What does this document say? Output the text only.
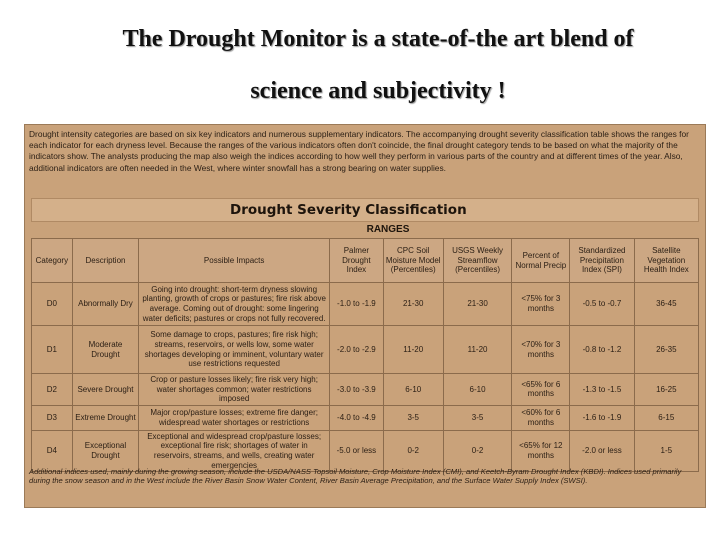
The Drought Monitor is a state-of-the art blend of
science and subjectivity !
Drought intensity categories are based on six key indicators and numerous supplementary indicators. The accompanying drought severity classification table shows the ranges for each indicator for each dryness level. Because the ranges of the various indicators often don't coincide, the final drought category tends to be based on what the majority of the indicators show. The analysts producing the map also weigh the indices according to how well they perform in various parts of the country and at different times of the year. Also, additional indicators are often needed in the West, where winter snowfall has a strong bearing on water supplies.
Drought Severity Classification
RANGES
Category	Description	Possible Impacts	Palmer Drought Index	CPC Soil Moisture Model (Percentiles)	USGS Weekly Streamflow (Percentiles)	Percent of Normal Precip	Standardized Precipitation Index (SPI)	Satellite Vegetation Health Index
D0	Abnormally Dry	Going into drought: short-term dryness slowing planting, growth of crops or pastures; fire risk above average. Coming out of drought: some lingering water deficits; pastures or crops not fully recovered.	-1.0 to -1.9	21-30	21-30	<75% for 3 months	-0.5 to -0.7	36-45
D1	Moderate Drought	Some damage to crops, pastures; fire risk high; streams, reservoirs, or wells low, some water shortages developing or imminent, voluntary water use restrictions requested	-2.0 to -2.9	11-20	11-20	<70% for 3 months	-0.8 to -1.2	26-35
D2	Severe Drought	Crop or pasture losses likely; fire risk very high; water shortages common; water restrictions imposed	-3.0 to -3.9	6-10	6-10	<65% for 6 months	-1.3 to -1.5	16-25
D3	Extreme Drought	Major crop/pasture losses; extreme fire danger; widespread water shortages or restrictions	-4.0 to -4.9	3-5	3-5	<60% for 6 months	-1.6 to -1.9	6-15
D4	Exceptional Drought	Exceptional and widespread crop/pasture losses; exceptional fire risk; shortages of water in reservoirs, streams, and wells, creating water emergencies	-5.0 or less	0-2	0-2	<65% for 12 months	-2.0 or less	1-5
Additional indices used, mainly during the growing season, include the USDA/NASS Topsoil Moisture, Crop Moisture Index (CMI), and Keetch-Byram Drought Index (KBDI). Indices used primarily during the snow season and in the West include the River Basin Snow Water Content, River Basin Average Precipitation, and the Surface Water Supply Index (SWSI).
